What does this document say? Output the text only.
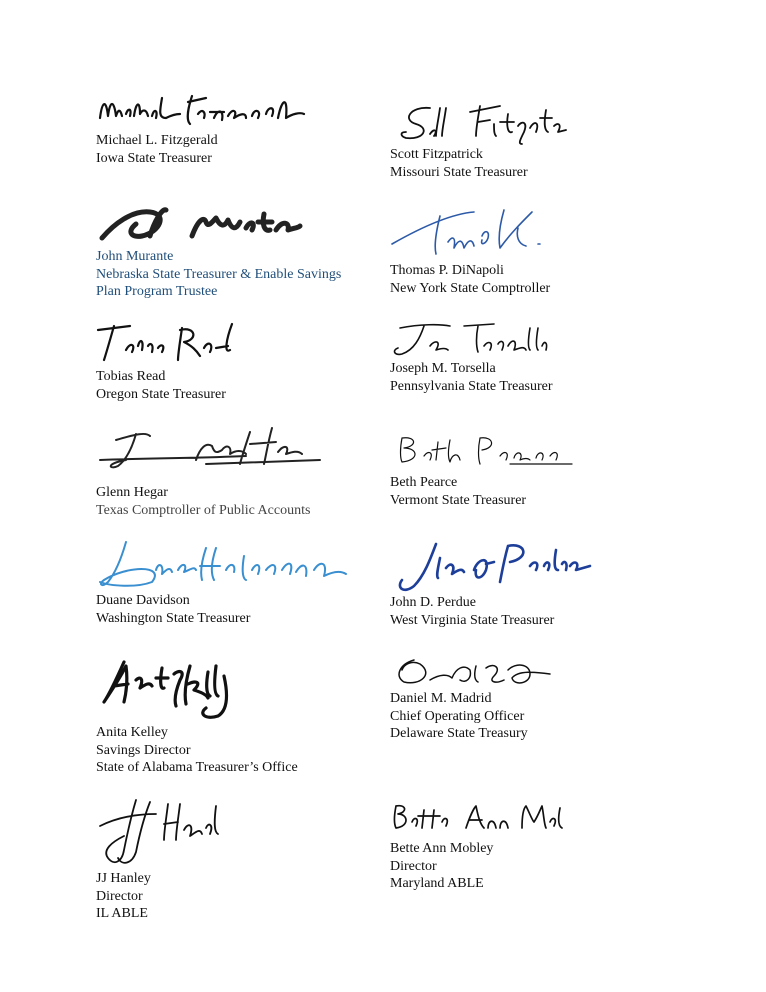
Michael L. Fitzgerald
Iowa State Treasurer
John Murante
Nebraska State Treasurer & Enable Savings
Plan Program Trustee
Tobias Read
Oregon State Treasurer
Glenn Hegar
Texas Comptroller of Public Accounts
Duane Davidson
Washington State Treasurer
Anita Kelley
Savings Director
State of Alabama Treasurer’s Office
JJ Hanley
Director
IL ABLE
Scott Fitzpatrick
Missouri State Treasurer
Thomas P. DiNapoli
New York State Comptroller
Joseph M. Torsella
Pennsylvania State Treasurer
Beth Pearce
Vermont State Treasurer
John D. Perdue
West Virginia State Treasurer
Daniel M. Madrid
Chief Operating Officer
Delaware State Treasury
Bette Ann Mobley
Director
Maryland ABLE
